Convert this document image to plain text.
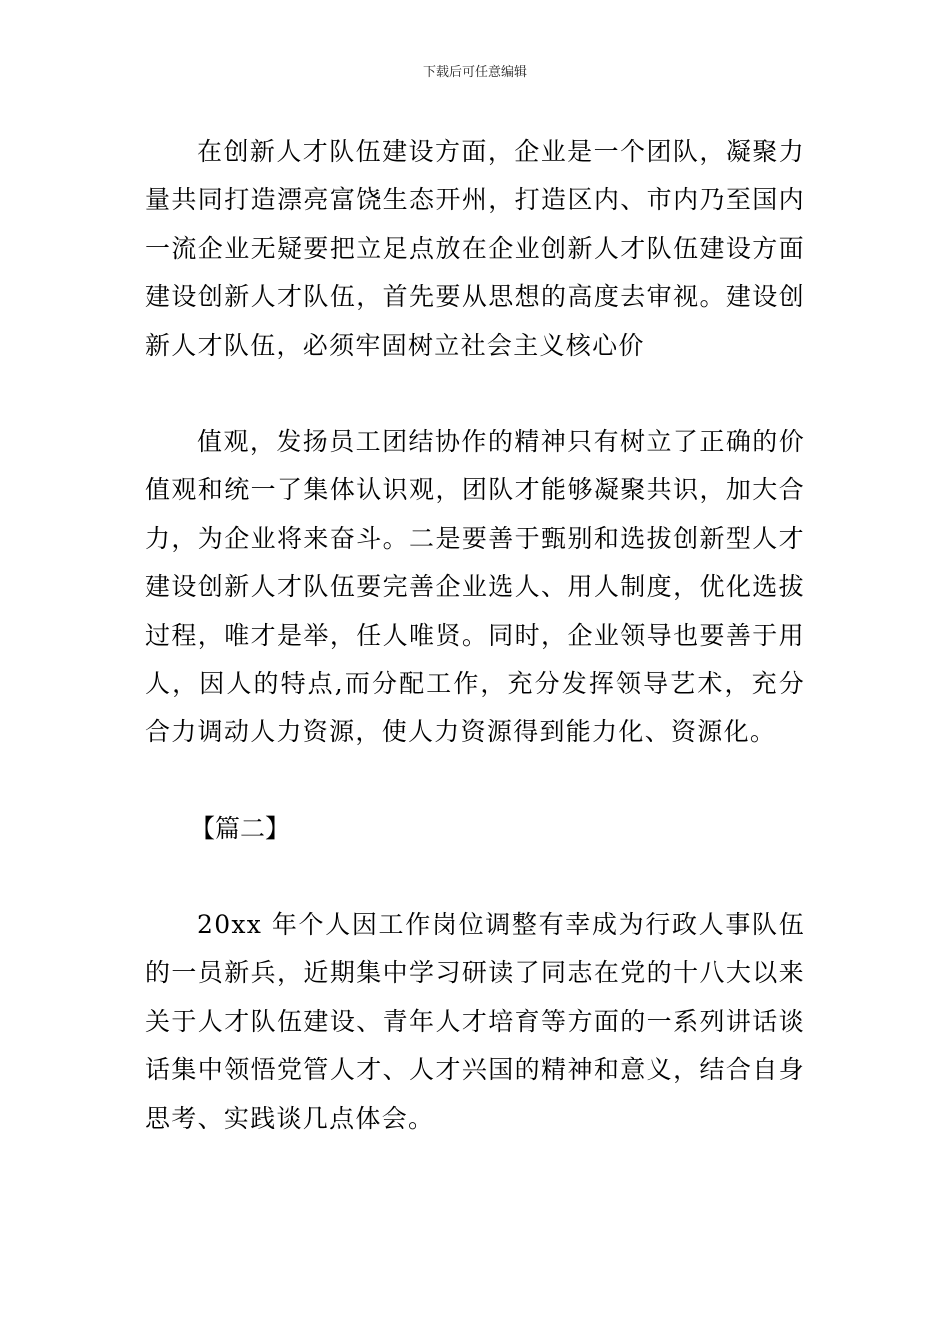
下载后可任意编辑

在创新人才队伍建设方面，企业是一个团队，凝聚力量共同打造漂亮富饶生态开州，打造区内、市内乃至国内一流企业无疑要把立足点放在企业创新人才队伍建设方面建设创新人才队伍，首先要从思想的高度去审视。建设创新人才队伍，必须牢固树立社会主义核心价

值观，发扬员工团结协作的精神只有树立了正确的价值观和统一了集体认识观，团队才能够凝聚共识，加大合力，为企业将来奋斗。二是要善于甄别和选拔创新型人才建设创新人才队伍要完善企业选人、用人制度，优化选拔过程，唯才是举，任人唯贤。同时，企业领导也要善于用人，因人的特点,而分配工作，充分发挥领导艺术，充分合力调动人力资源，使人力资源得到能力化、资源化。

【篇二】

20xx 年个人因工作岗位调整有幸成为行政人事队伍的一员新兵，近期集中学习研读了同志在党的十八大以来关于人才队伍建设、青年人才培育等方面的一系列讲话谈话集中领悟党管人才、人才兴国的精神和意义，结合自身思考、实践谈几点体会。
